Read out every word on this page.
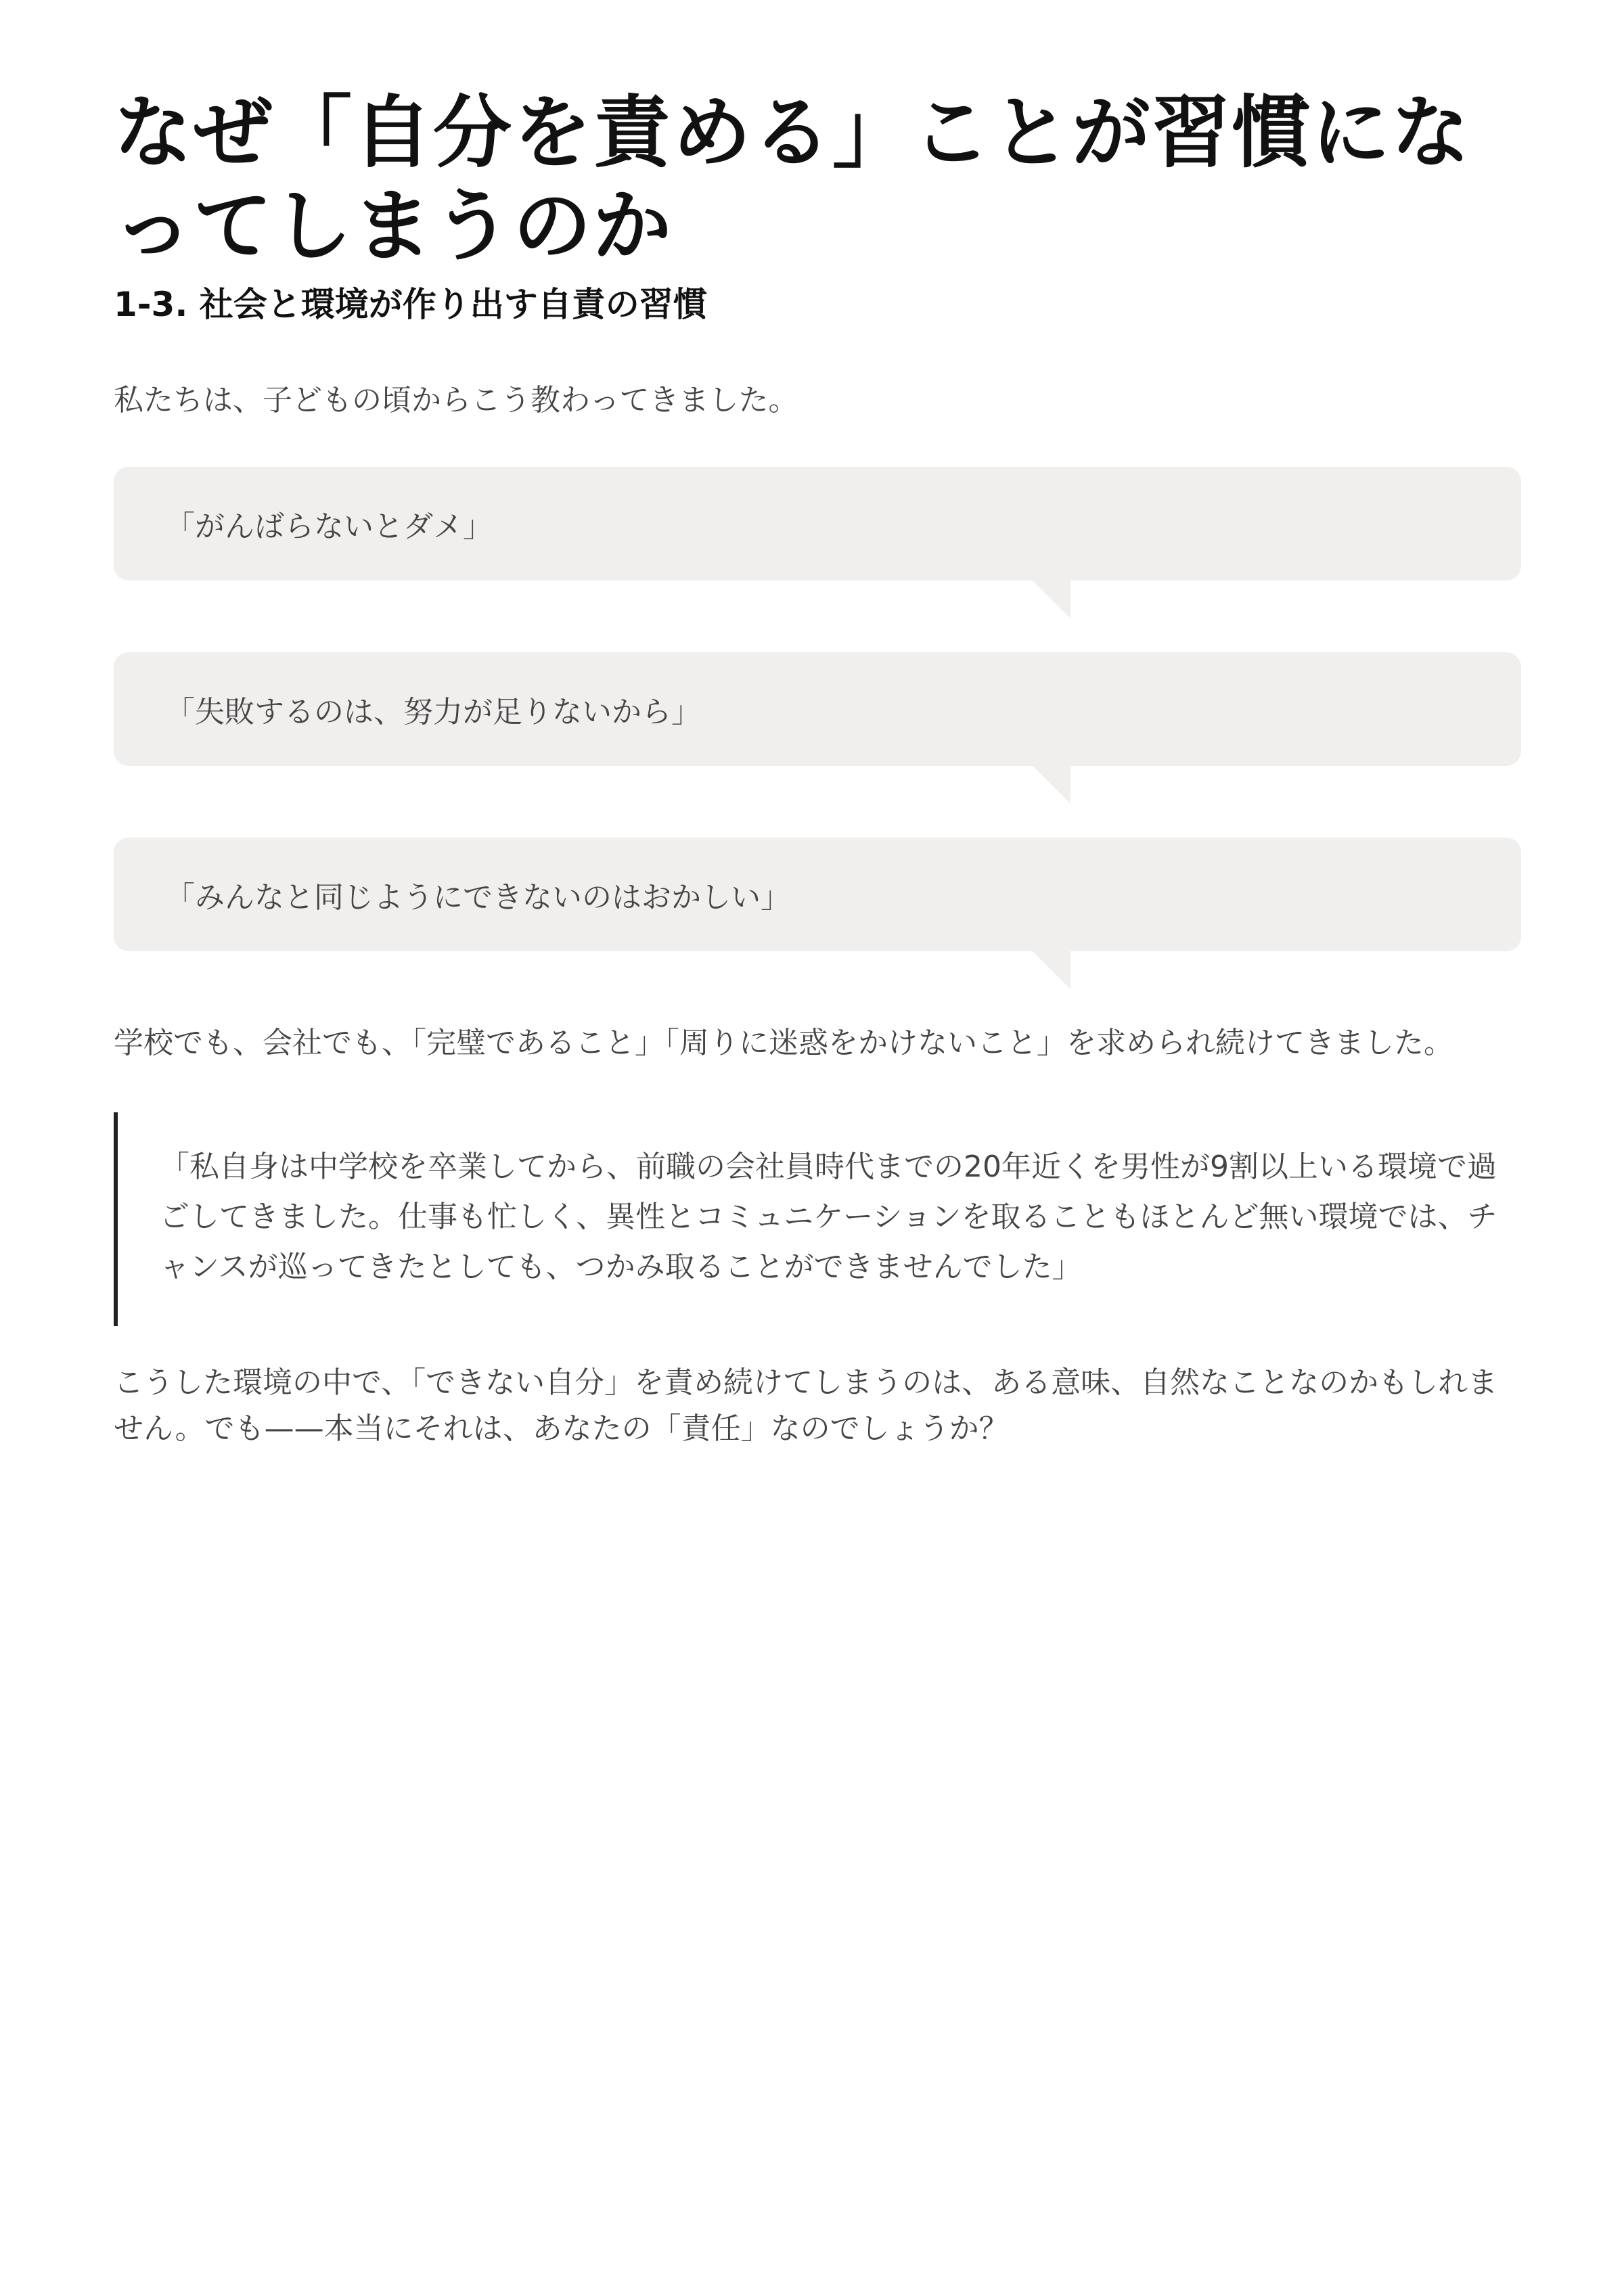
なぜ「自分を責める」ことが習慣になってしまうのか
1-3. 社会と環境が作り出す自責の習慣

私たちは、子どもの頃からこう教わってきました。

「がんばらないとダメ」
「失敗するのは、努力が足りないから」
「みんなと同じようにできないのはおかしい」

学校でも、会社でも、「完璧であること」「周りに迷惑をかけないこと」を求められ続けてきました。

「私自身は中学校を卒業してから、前職の会社員時代までの20年近くを男性が9割以上いる環境で過ごしてきました。仕事も忙しく、異性とコミュニケーションを取ることもほとんど無い環境では、チャンスが巡ってきたとしても、つかみ取ることができませんでした」

こうした環境の中で、「できない自分」を責め続けてしまうのは、ある意味、自然なことなのかもしれません。でも——本当にそれは、あなたの「責任」なのでしょうか？
